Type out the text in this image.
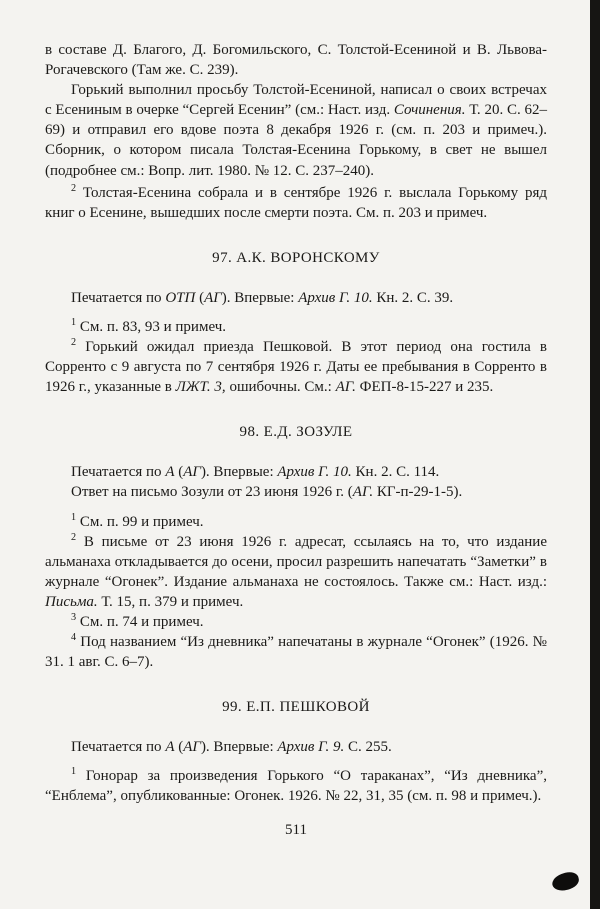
в составе Д. Благого, Д. Богомильского, С. Толстой-Есениной и В. Львова-Рогачевского (Там же. С. 239).

Горький выполнил просьбу Толстой-Есениной, написал о своих встречах с Есениным в очерке “Сергей Есенин” (см.: Наст. изд. Сочинения. Т. 20. С. 62–69) и отправил его вдове поэта 8 декабря 1926 г. (см. п. 203 и примеч.). Сборник, о котором писала Толстая-Есенина Горькому, в свет не вышел (подробнее см.: Вопр. лит. 1980. № 12. С. 237–240).

$^2$ Толстая-Есенина собрала и в сентябре 1926 г. выслала Горькому ряд книг о Есенине, вышедших после смерти поэта. См. п. 203 и примеч.

97. А.К. ВОРОНСКОМУ

Печатается по ОТП (АГ). Впервые: Архив Г. 10. Кн. 2. С. 39.

$^1$ См. п. 83, 93 и примеч.

$^2$ Горький ожидал приезда Пешковой. В этот период она гостила в Сорренто с 9 августа по 7 сентября 1926 г. Даты ее пребывания в Сорренто в 1926 г., указанные в ЛЖТ. 3, ошибочны. См.: АГ. ФЕП-8-15-227 и 235.

98. Е.Д. ЗОЗУЛЕ

Печатается по А (АГ). Впервые: Архив Г. 10. Кн. 2. С. 114.

Ответ на письмо Зозули от 23 июня 1926 г. (АГ. КГ-п-29-1-5).

$^1$ См. п. 99 и примеч.

$^2$ В письме от 23 июня 1926 г. адресат, ссылаясь на то, что издание альманаха откладывается до осени, просил разрешить напечатать “Заметки” в журнале “Огонек”. Издание альманаха не состоялось. Также см.: Наст. изд.: Письма. Т. 15, п. 379 и примеч.

$^3$ См. п. 74 и примеч.

$^4$ Под названием “Из дневника” напечатаны в журнале “Огонек” (1926. № 31. 1 авг. С. 6–7).

99. Е.П. ПЕШКОВОЙ

Печатается по А (АГ). Впервые: Архив Г. 9. С. 255.

$^1$ Гонорар за произведения Горького “О тараканах”, “Из дневника”, “Енблема”, опубликованные: Огонек. 1926. № 22, 31, 35 (см. п. 98 и примеч.).

511
